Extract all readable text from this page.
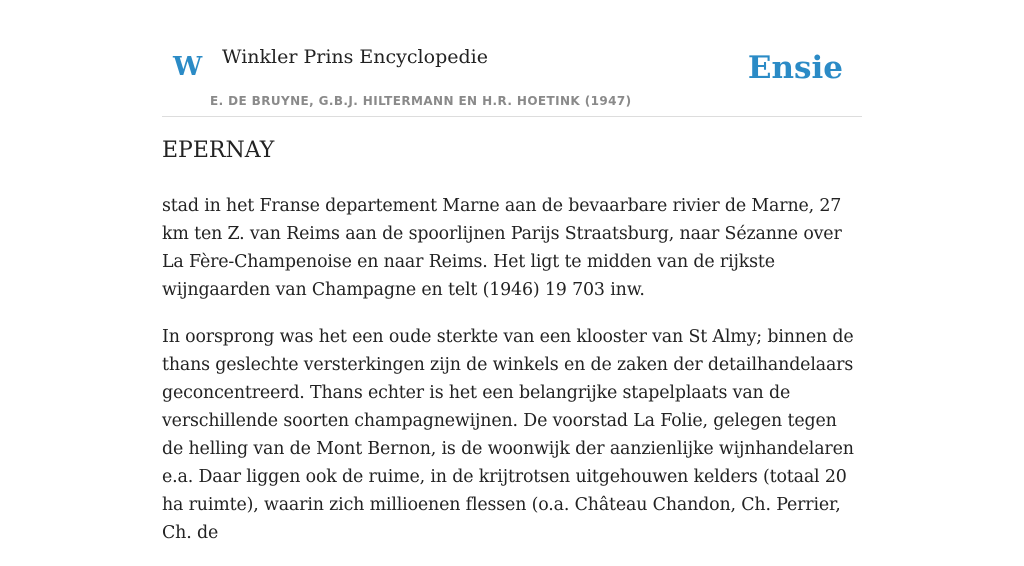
W Winkler Prins Encyclopedie
E. DE BRUYNE, G.B.J. HILTERMANN EN H.R. HOETINK (1947)
Ensie
EPERNAY

stad in het Franse departement Marne aan de bevaarbare rivier de Marne, 27 km ten Z. van Reims aan de spoorlijnen Parijs Straatsburg, naar Sézanne over La Fère-Champenoise en naar Reims. Het ligt te midden van de rijkste wijngaarden van Champagne en telt (1946) 19 703 inw.

In oorsprong was het een oude sterkte van een klooster van St Almy; binnen de thans geslechte versterkingen zijn de winkels en de zaken der detailhandelaars geconcentreerd. Thans echter is het een belangrijke stapelplaats van de verschillende soorten champagnewijnen. De voorstad La Folie, gelegen tegen de helling van de Mont Bernon, is de woonwijk der aanzienlijke wijnhandelaren e.a. Daar liggen ook de ruime, in de krijtrotsen uitgehouwen kelders (totaal 20 ha ruimte), waarin zich millioenen flessen (o.a. Château Chandon, Ch. Perrier, Ch. de
